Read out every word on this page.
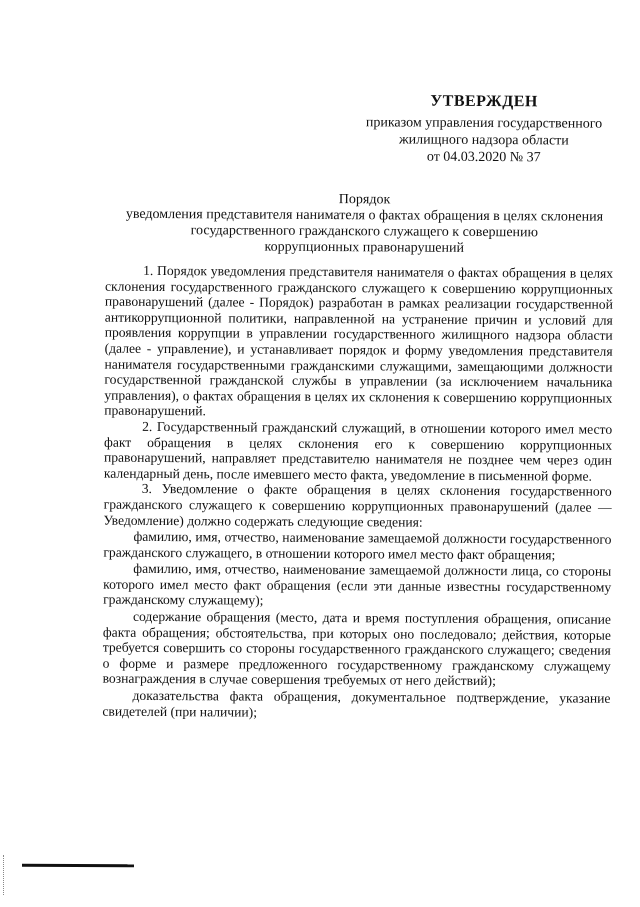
УТВЕРЖДЕН
приказом управления государственного
жилищного надзора области
от 04.03.2020 № 37
Порядок
уведомления представителя нанимателя о фактах обращения в целях склонения
государственного гражданского служащего к совершению
коррупционных правонарушений

1. Порядок уведомления представителя нанимателя о фактах обращения в целях склонения государственного гражданского служащего к совершению коррупционных правонарушений (далее - Порядок) разработан в рамках реализации государственной антикоррупционной политики, направленной на устранение причин и условий для проявления коррупции в управлении государственного жилищного надзора области (далее - управление), и устанавливает порядок и форму уведомления представителя нанимателя государственными гражданскими служащими, замещающими должности государственной гражданской службы в управлении (за исключением начальника управления), о фактах обращения в целях их склонения к совершению коррупционных правонарушений.

2. Государственный гражданский служащий, в отношении которого имел место факт обращения в целях склонения его к совершению коррупционных правонарушений, направляет представителю нанимателя не позднее чем через один календарный день, после имевшего место факта, уведомление в письменной форме.

3. Уведомление о факте обращения в целях склонения государственного гражданского служащего к совершению коррупционных правонарушений (далее — Уведомление) должно содержать следующие сведения:

фамилию, имя, отчество, наименование замещаемой должности государственного гражданского служащего, в отношении которого имел место факт обращения;

фамилию, имя, отчество, наименование замещаемой должности лица, со стороны которого имел место факт обращения (если эти данные известны государственному гражданскому служащему);

содержание обращения (место, дата и время поступления обращения, описание факта обращения; обстоятельства, при которых оно последовало; действия, которые требуется совершить со стороны государственного гражданского служащего; сведения о форме и размере предложенного государственному гражданскому служащему вознаграждения в случае совершения требуемых от него действий);

доказательства факта обращения, документальное подтверждение, указание свидетелей (при наличии);
